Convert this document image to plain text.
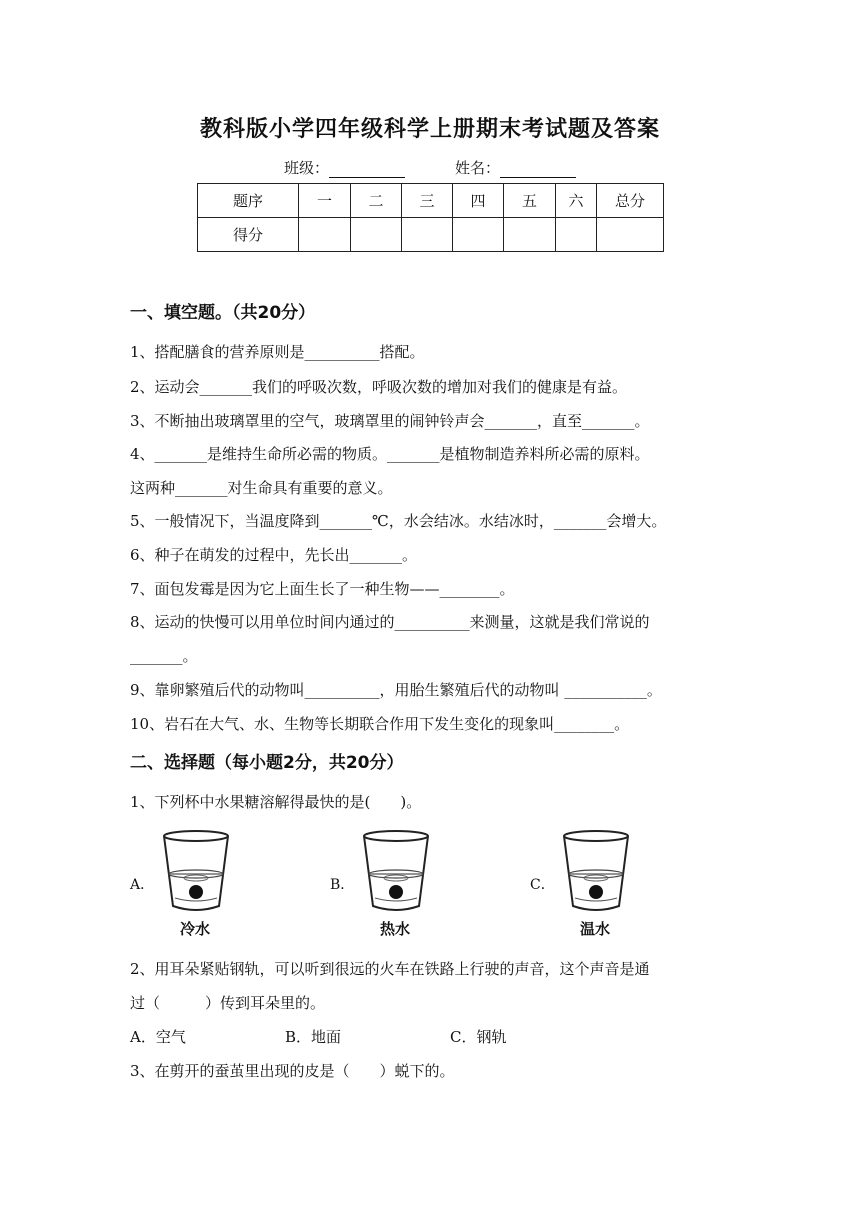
教科版小学四年级科学上册期末考试题及答案
班级：	姓名：
题序	一	二	三	四	五	六	总分
得分							
一、填空题。（共20分）
1、搭配膳食的营养原则是__________搭配。
2、运动会_______我们的呼吸次数，呼吸次数的增加对我们的健康是有益。
3、不断抽出玻璃罩里的空气，玻璃罩里的闹钟铃声会_______，直至_______。
4、_______是维持生命所必需的物质。_______是植物制造养料所必需的原料。
这两种_______对生命具有重要的意义。
5、一般情况下，当温度降到_______℃，水会结冰。水结冰时，_______会增大。
6、种子在萌发的过程中，先长出_______。
7、面包发霉是因为它上面生长了一种生物——________。
8、运动的快慢可以用单位时间内通过的__________来测量，这就是我们常说的
_______。
9、靠卵繁殖后代的动物叫__________，用胎生繁殖后代的动物叫 ___________。
10、岩石在大气、水、生物等长期联合作用下发生变化的现象叫________。
二、选择题（每小题2分，共20分）
1、下列杯中水果糖溶解得最快的是(　　)。
A．
冷水
B．
热水
C．
温水
2、用耳朵紧贴钢轨，可以听到很远的火车在铁路上行驶的声音，这个声音是通
过（　　　）传到耳朵里的。
A．空气	B．地面	C．钢轨
3、在剪开的蚕茧里出现的皮是（　　）蜕下的。
